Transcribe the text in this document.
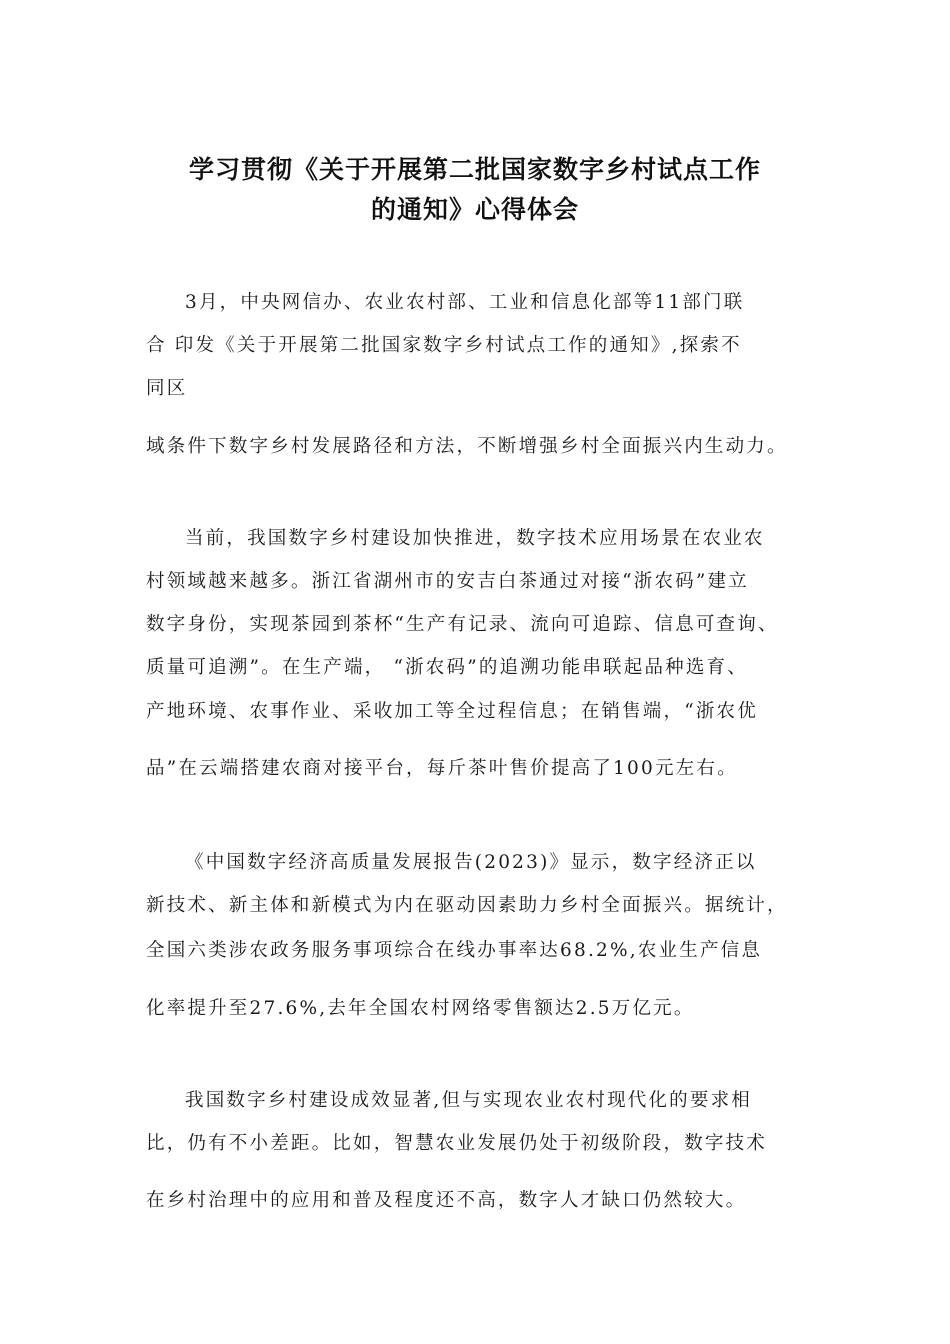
学习贯彻《关于开展第二批国家数字乡村试点工作
的通知》心得体会
3月，中央网信办、农业农村部、工业和信息化部等11部门联
合 印发《关于开展第二批国家数字乡村试点工作的通知》,探索不
同区
域条件下数字乡村发展路径和方法，不断增强乡村全面振兴内生动力。
当前，我国数字乡村建设加快推进，数字技术应用场景在农业农
村领域越来越多。浙江省湖州市的安吉白茶通过对接“浙农码”建立
数字身份，实现茶园到茶杯“生产有记录、流向可追踪、信息可查询、
质量可追溯”。在生产端， “浙农码”的追溯功能串联起品种选育、
产地环境、农事作业、采收加工等全过程信息；在销售端，“浙农优
品”在云端搭建农商对接平台，每斤茶叶售价提高了100元左右。
《中国数字经济高质量发展报告(2023)》显示，数字经济正以
新技术、新主体和新模式为内在驱动因素助力乡村全面振兴。据统计，
全国六类涉农政务服务事项综合在线办事率达68.2%,农业生产信息
化率提升至27.6%,去年全国农村网络零售额达2.5万亿元。
我国数字乡村建设成效显著,但与实现农业农村现代化的要求相
比，仍有不小差距。比如，智慧农业发展仍处于初级阶段，数字技术
在乡村治理中的应用和普及程度还不高，数字人才缺口仍然较大。
